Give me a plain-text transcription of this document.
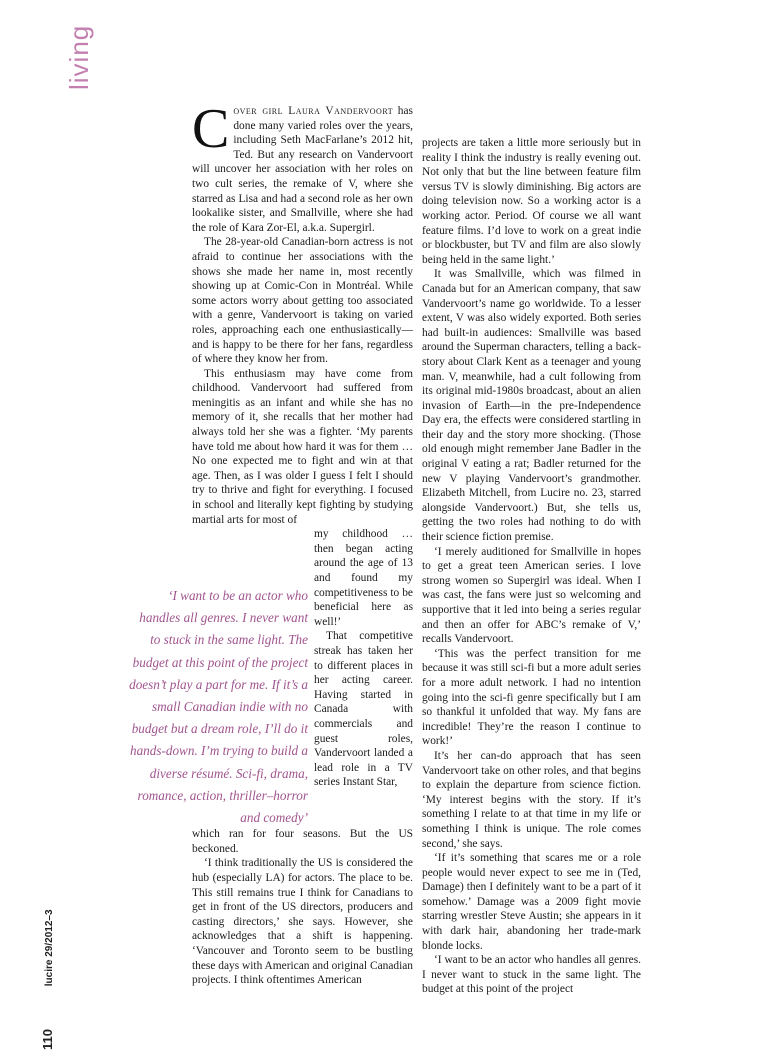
living
110 lucire 29/2012–3

Cover girl Laura Vandervoort has done many varied roles over the years, including Seth MacFarlane’s 2012 hit, Ted. But any research on Vandervoort will uncover her association with her roles on two cult series, the remake of V, where she starred as Lisa and had a second role as her own lookalike sister, and Smallville, where she had the role of Kara Zor-El, a.k.a. Supergirl.

The 28-year-old Canadian-born actress is not afraid to continue her associations with the shows she made her name in, most recently showing up at Comic-Con in Montréal. While some actors worry about getting too associated with a genre, Vandervoort is taking on varied roles, approaching each one enthusiastically—and is happy to be there for her fans, regardless of where they know her from.

This enthusiasm may have come from childhood. Vandervoort had suffered from meningitis as an infant and while she has no memory of it, she recalls that her mother had always told her she was a fighter. ‘My parents have told me about how hard it was for them … No one expected me to fight and win at that age. Then, as I was older I guess I felt I should try to thrive and fight for everything. I focused in school and literally kept fighting by studying martial arts for most of

my childhood … then began acting around the age of 13 and found my competitiveness to be beneficial here as well!’

That competitive streak has taken her to different places in her acting career. Having started in Canada with commercials and guest roles, Vandervoort landed a lead role in a TV series Instant Star,

which ran for four seasons. But the US beckoned.

‘I think traditionally the US is considered the hub (especially LA) for actors. The place to be. This still remains true I think for Canadians to get in front of the US directors, producers and casting directors,’ she says. However, she acknowledges that a shift is happening. ‘Vancouver and Toronto seem to be bustling these days with American and original Canadian projects. I think oftentimes American

‘I want to be an actor who handles all genres. I never want to stuck in the same light. The budget at this point of the project doesn’t play a part for me. If it’s a small Canadian indie with no budget but a dream role, I’ll do it hands-down. I’m trying to build a diverse résumé. Sci-fi, drama, romance, action, thriller–horror and comedy’

projects are taken a little more seriously but in reality I think the industry is really evening out. Not only that but the line between feature film versus TV is slowly diminishing. Big actors are doing television now. So a working actor is a working actor. Period. Of course we all want feature films. I’d love to work on a great indie or blockbuster, but TV and film are also slowly being held in the same light.’

It was Smallville, which was filmed in Canada but for an American company, that saw Vandervoort’s name go worldwide. To a lesser extent, V was also widely exported. Both series had built-in audiences: Smallville was based around the Superman characters, telling a back-story about Clark Kent as a teenager and young man. V, meanwhile, had a cult following from its original mid-1980s broadcast, about an alien invasion of Earth—in the pre-Independence Day era, the effects were considered startling in their day and the story more shocking. (Those old enough might remember Jane Badler in the original V eating a rat; Badler returned for the new V playing Vandervoort’s grandmother. Elizabeth Mitchell, from Lucire no. 23, starred alongside Vandervoort.) But, she tells us, getting the two roles had nothing to do with their science fiction premise.

‘I merely auditioned for Smallville in hopes to get a great teen American series. I love strong women so Supergirl was ideal. When I was cast, the fans were just so welcoming and supportive that it led into being a series regular and then an offer for ABC’s remake of V,’ recalls Vandervoort.

‘This was the perfect transition for me because it was still sci-fi but a more adult series for a more adult network. I had no intention going into the sci-fi genre specifically but I am so thankful it unfolded that way. My fans are incredible! They’re the reason I continue to work!’

It’s her can-do approach that has seen Vandervoort take on other roles, and that begins to explain the departure from science fiction. ‘My interest begins with the story. If it’s something I relate to at that time in my life or something I think is unique. The role comes second,’ she says.

‘If it’s something that scares me or a role people would never expect to see me in (Ted, Damage) then I definitely want to be a part of it somehow.’ Damage was a 2009 fight movie starring wrestler Steve Austin; she appears in it with dark hair, abandoning her trade-mark blonde locks.

‘I want to be an actor who handles all genres. I never want to stuck in the same light. The budget at this point of the project
